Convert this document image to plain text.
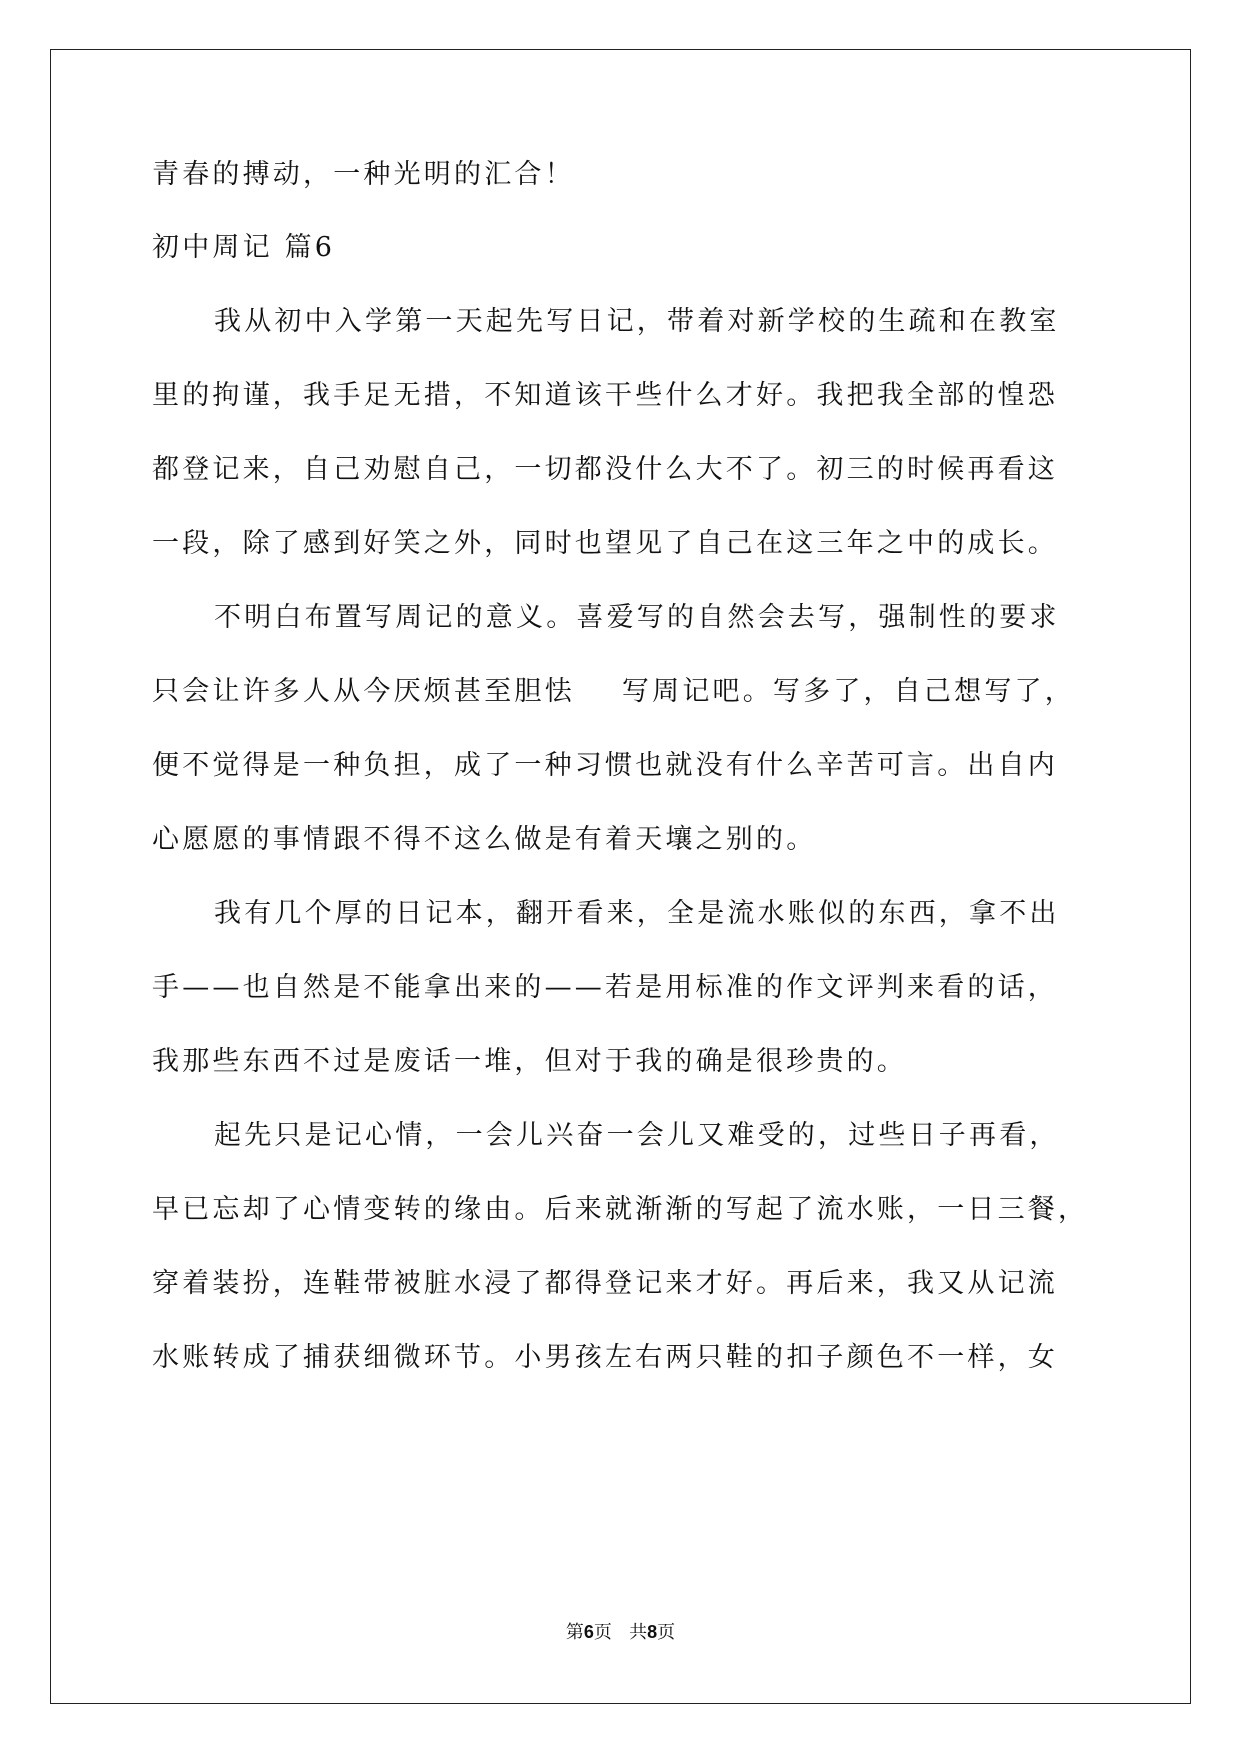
青春的搏动，一种光明的汇合！
初中周记 篇6
我从初中入学第一天起先写日记，带着对新学校的生疏和在教室
里的拘谨，我手足无措，不知道该干些什么才好。我把我全部的惶恐
都登记来，自己劝慰自己，一切都没什么大不了。初三的时候再看这
一段，除了感到好笑之外，同时也望见了自己在这三年之中的成长。
不明白布置写周记的意义。喜爱写的自然会去写，强制性的要求
只会让许多人从今厌烦甚至胆怯    写周记吧。写多了，自己想写了，
便不觉得是一种负担，成了一种习惯也就没有什么辛苦可言。出自内
心愿愿的事情跟不得不这么做是有着天壤之别的。
我有几个厚的日记本，翻开看来，全是流水账似的东西，拿不出
手——也自然是不能拿出来的——若是用标准的作文评判来看的话，
我那些东西不过是废话一堆，但对于我的确是很珍贵的。
起先只是记心情，一会儿兴奋一会儿又难受的，过些日子再看，
早已忘却了心情变转的缘由。后来就渐渐的写起了流水账，一日三餐，
穿着装扮，连鞋带被脏水浸了都得登记来才好。再后来，我又从记流
水账转成了捕获细微环节。小男孩左右两只鞋的扣子颜色不一样，女
第6页   共8页
